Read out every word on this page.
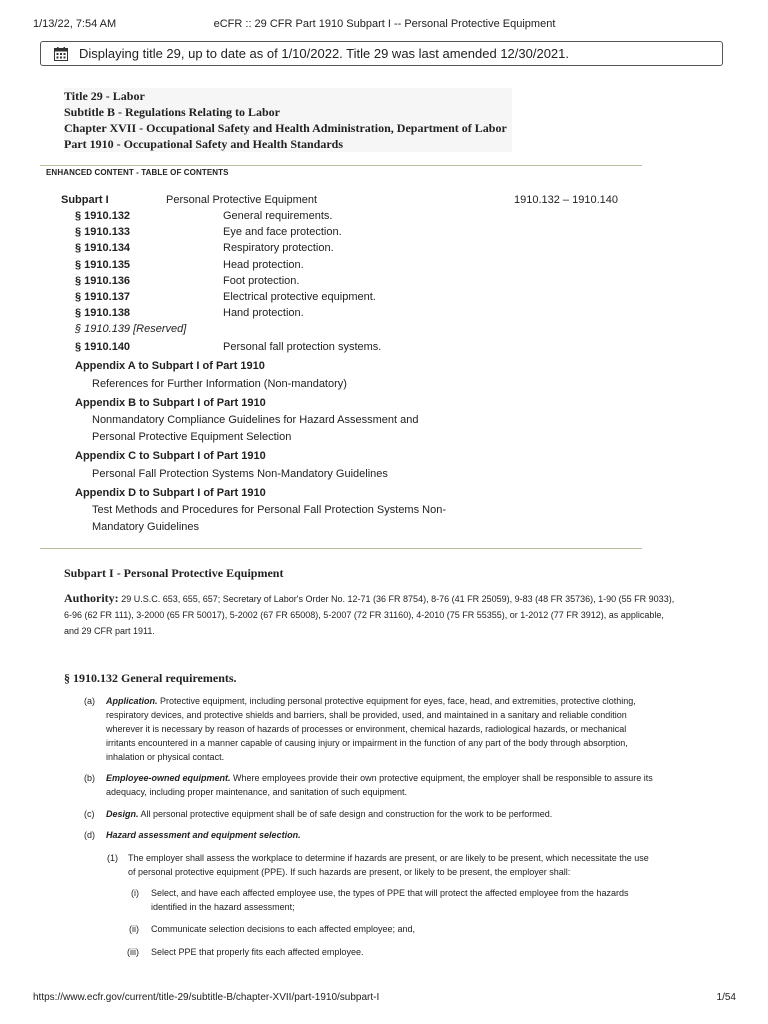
1/13/22, 7:54 AM	eCFR :: 29 CFR Part 1910 Subpart I -- Personal Protective Equipment
Displaying title 29, up to date as of 1/10/2022. Title 29 was last amended 12/30/2021.
Title 29 - Labor
Subtitle B - Regulations Relating to Labor
Chapter XVII - Occupational Safety and Health Administration, Department of Labor
Part 1910 - Occupational Safety and Health Standards
ENHANCED CONTENT - TABLE OF CONTENTS
Subpart I	Personal Protective Equipment	1910.132 – 1910.140
§ 1910.132	General requirements.
§ 1910.133	Eye and face protection.
§ 1910.134	Respiratory protection.
§ 1910.135	Head protection.
§ 1910.136	Foot protection.
§ 1910.137	Electrical protective equipment.
§ 1910.138	Hand protection.
§ 1910.139 [Reserved]
§ 1910.140	Personal fall protection systems.
Appendix A to Subpart I of Part 1910
References for Further Information (Non-mandatory)
Appendix B to Subpart I of Part 1910
Nonmandatory Compliance Guidelines for Hazard Assessment and
Personal Protective Equipment Selection
Appendix C to Subpart I of Part 1910
Personal Fall Protection Systems Non-Mandatory Guidelines
Appendix D to Subpart I of Part 1910
Test Methods and Procedures for Personal Fall Protection Systems Non-
Mandatory Guidelines
Subpart I - Personal Protective Equipment
Authority: 29 U.S.C. 653, 655, 657; Secretary of Labor's Order No. 12-71 (36 FR 8754), 8-76 (41 FR 25059), 9-83 (48 FR 35736), 1-90 (55 FR 9033),
6-96 (62 FR 111), 3-2000 (65 FR 50017), 5-2002 (67 FR 65008), 5-2007 (72 FR 31160), 4-2010 (75 FR 55355), or 1-2012 (77 FR 3912), as applicable,
and 29 CFR part 1911.
§ 1910.132 General requirements.
(a) Application. Protective equipment, including personal protective equipment for eyes, face, head, and extremities, protective clothing,
respiratory devices, and protective shields and barriers, shall be provided, used, and maintained in a sanitary and reliable condition
wherever it is necessary by reason of hazards of processes or environment, chemical hazards, radiological hazards, or mechanical
irritants encountered in a manner capable of causing injury or impairment in the function of any part of the body through absorption,
inhalation or physical contact.
(b) Employee-owned equipment. Where employees provide their own protective equipment, the employer shall be responsible to assure its
adequacy, including proper maintenance, and sanitation of such equipment.
(c) Design. All personal protective equipment shall be of safe design and construction for the work to be performed.
(d) Hazard assessment and equipment selection.
(1) The employer shall assess the workplace to determine if hazards are present, or are likely to be present, which necessitate the use
of personal protective equipment (PPE). If such hazards are present, or likely to be present, the employer shall:
(i) Select, and have each affected employee use, the types of PPE that will protect the affected employee from the hazards
identified in the hazard assessment;
(ii) Communicate selection decisions to each affected employee; and,
(iii) Select PPE that properly fits each affected employee.
https://www.ecfr.gov/current/title-29/subtitle-B/chapter-XVII/part-1910/subpart-I	1/54
